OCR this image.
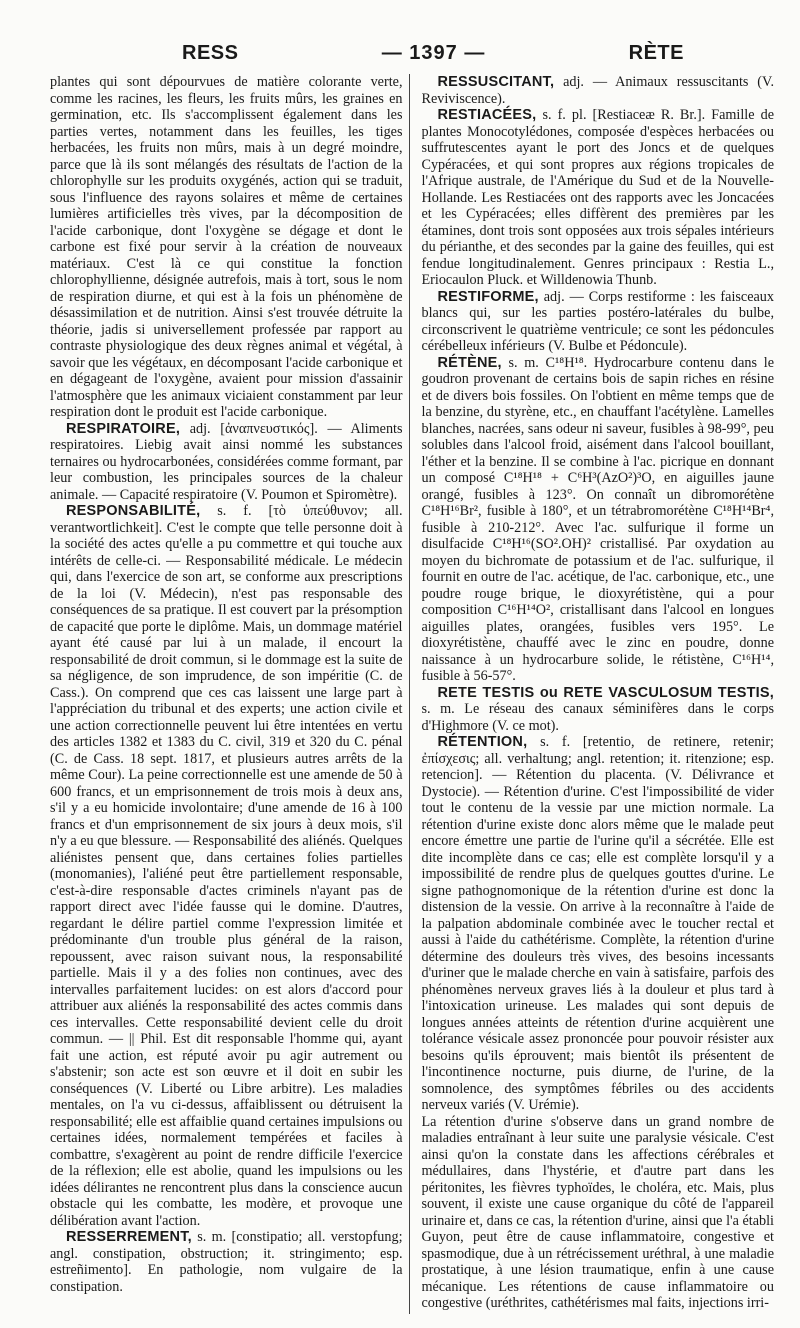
RESS	— 1397 —	RÈTE

plantes qui sont dépourvues de matière colorante verte, comme les racines, les fleurs, les fruits mûrs, les graines en germination, etc. Ils s'accomplissent également dans les parties vertes, notamment dans les feuilles, les tiges herbacées, les fruits non mûrs, mais à un degré moindre, parce que là ils sont mélangés des résultats de l'action de la chlorophylle sur les produits oxygénés, action qui se traduit, sous l'influence des rayons solaires et même de certaines lumières artificielles très vives, par la décomposition de l'acide carbonique, dont l'oxygène se dégage et dont le carbone est fixé pour servir à la création de nouveaux matériaux. C'est là ce qui constitue la fonction chlorophyllienne, désignée autrefois, mais à tort, sous le nom de respiration diurne, et qui est à la fois un phénomène de désassimilation et de nutrition. Ainsi s'est trouvée détruite la théorie, jadis si universellement professée par rapport au contraste physiologique des deux règnes animal et végétal, à savoir que les végétaux, en décomposant l'acide carbonique et en dégageant de l'oxygène, avaient pour mission d'assainir l'atmosphère que les animaux viciaient constamment par leur respiration dont le produit est l'acide carbonique.

RESPIRATOIRE, adj. [ἀναπνευστικός]. — Aliments respiratoires. Liebig avait ainsi nommé les substances ternaires ou hydrocarbonées, considérées comme formant, par leur combustion, les principales sources de la chaleur animale. — Capacité respiratoire (V. Poumon et Spiromètre).

RESPONSABILITÉ, s. f. [τὸ ὑπεύθυνον; all. verantwortlichkeit]. C'est le compte que telle personne doit à la société des actes qu'elle a pu commettre et qui touche aux intérêts de celle-ci. — Responsabilité médicale. Le médecin qui, dans l'exercice de son art, se conforme aux prescriptions de la loi (V. Médecin), n'est pas responsable des conséquences de sa pratique. Il est couvert par la présomption de capacité que porte le diplôme. Mais, un dommage matériel ayant été causé par lui à un malade, il encourt la responsabilité de droit commun, si le dommage est la suite de sa négligence, de son imprudence, de son impéritie (C. de Cass.). On comprend que ces cas laissent une large part à l'appréciation du tribunal et des experts; une action civile et une action correctionnelle peuvent lui être intentées en vertu des articles 1382 et 1383 du C. civil, 319 et 320 du C. pénal (C. de Cass. 18 sept. 1817, et plusieurs autres arrêts de la même Cour). La peine correctionnelle est une amende de 50 à 600 francs, et un emprisonnement de trois mois à deux ans, s'il y a eu homicide involontaire; d'une amende de 16 à 100 francs et d'un emprisonnement de six jours à deux mois, s'il n'y a eu que blessure. — Responsabilité des aliénés. Quelques aliénistes pensent que, dans certaines folies partielles (monomanies), l'aliéné peut être partiellement responsable, c'est-à-dire responsable d'actes criminels n'ayant pas de rapport direct avec l'idée fausse qui le domine. D'autres, regardant le délire partiel comme l'expression limitée et prédominante d'un trouble plus général de la raison, repoussent, avec raison suivant nous, la responsabilité partielle. Mais il y a des folies non continues, avec des intervalles parfaitement lucides: on est alors d'accord pour attribuer aux aliénés la responsabilité des actes commis dans ces intervalles. Cette responsabilité devient celle du droit commun. — || Phil. Est dit responsable l'homme qui, ayant fait une action, est réputé avoir pu agir autrement ou s'abstenir; son acte est son œuvre et il doit en subir les conséquences (V. Liberté ou Libre arbitre). Les maladies mentales, on l'a vu ci-dessus, affaiblissent ou détruisent la responsabilité; elle est affaiblie quand certaines impulsions ou certaines idées, normalement tempérées et faciles à combattre, s'exagèrent au point de rendre difficile l'exercice de la réflexion; elle est abolie, quand les impulsions ou les idées délirantes ne rencontrent plus dans la conscience aucun obstacle qui les combatte, les modère, et provoque une délibération avant l'action.

RESSERREMENT, s. m. [constipatio; all. verstopfung; angl. constipation, obstruction; it. stringimento; esp. estreñimento]. En pathologie, nom vulgaire de la constipation.

RESSUSCITANT, adj. — Animaux ressuscitants (V. Reviviscence).

RESTIACÉES, s. f. pl. [Restiaceæ R. Br.]. Famille de plantes Monocotylédones, composée d'espèces herbacées ou suffrutescentes ayant le port des Joncs et de quelques Cypéracées, et qui sont propres aux régions tropicales de l'Afrique australe, de l'Amérique du Sud et de la Nouvelle-Hollande. Les Restiacées ont des rapports avec les Joncacées et les Cypéracées; elles diffèrent des premières par les étamines, dont trois sont opposées aux trois sépales intérieurs du périanthe, et des secondes par la gaine des feuilles, qui est fendue longitudinalement. Genres principaux : Restia L., Eriocaulon Pluck. et Willdenowia Thunb.

RESTIFORME, adj. — Corps restiforme : les faisceaux blancs qui, sur les parties postéro-latérales du bulbe, circonscrivent le quatrième ventricule; ce sont les pédoncules cérébelleux inférieurs (V. Bulbe et Pédoncule).

RÉTÈNE, s. m. C¹⁸H¹⁸. Hydrocarbure contenu dans le goudron provenant de certains bois de sapin riches en résine et de divers bois fossiles. On l'obtient en même temps que de la benzine, du styrène, etc., en chauffant l'acétylène. Lamelles blanches, nacrées, sans odeur ni saveur, fusibles à 98-99°, peu solubles dans l'alcool froid, aisément dans l'alcool bouillant, l'éther et la benzine. Il se combine à l'ac. picrique en donnant un composé C¹⁸H¹⁸ + C⁶H³(AzO²)³O, en aiguilles jaune orangé, fusibles à 123°. On connaît un dibromorétène C¹⁸H¹⁶Br², fusible à 180°, et un tétrabromorétène C¹⁸H¹⁴Br⁴, fusible à 210-212°. Avec l'ac. sulfurique il forme un disulfacide C¹⁸H¹⁶(SO².OH)² cristallisé. Par oxydation au moyen du bichromate de potassium et de l'ac. sulfurique, il fournit en outre de l'ac. acétique, de l'ac. carbonique, etc., une poudre rouge brique, le dioxyrétistène, qui a pour composition C¹⁶H¹⁴O², cristallisant dans l'alcool en longues aiguilles plates, orangées, fusibles vers 195°. Le dioxyrétistène, chauffé avec le zinc en poudre, donne naissance à un hydrocarbure solide, le rétistène, C¹⁶H¹⁴, fusible à 56-57°.

RETE TESTIS ou RETE VASCULOSUM TESTIS, s. m. Le réseau des canaux séminifères dans le corps d'Highmore (V. ce mot).

RÉTENTION, s. f. [retentio, de retinere, retenir; ἐπίσχεσις; all. verhaltung; angl. retention; it. ritenzione; esp. retencion]. — Rétention du placenta. (V. Délivrance et Dystocie). — Rétention d'urine. C'est l'impossibilité de vider tout le contenu de la vessie par une miction normale. La rétention d'urine existe donc alors même que le malade peut encore émettre une partie de l'urine qu'il a sécrétée. Elle est dite incomplète dans ce cas; elle est complète lorsqu'il y a impossibilité de rendre plus de quelques gouttes d'urine. Le signe pathognomonique de la rétention d'urine est donc la distension de la vessie. On arrive à la reconnaître à l'aide de la palpation abdominale combinée avec le toucher rectal et aussi à l'aide du cathétérisme. Complète, la rétention d'urine détermine des douleurs très vives, des besoins incessants d'uriner que le malade cherche en vain à satisfaire, parfois des phénomènes nerveux graves liés à la douleur et plus tard à l'intoxication urineuse. Les malades qui sont depuis de longues années atteints de rétention d'urine acquièrent une tolérance vésicale assez prononcée pour pouvoir résister aux besoins qu'ils éprouvent; mais bientôt ils présentent de l'incontinence nocturne, puis diurne, de l'urine, de la somnolence, des symptômes fébriles ou des accidents nerveux variés (V. Urémie).

La rétention d'urine s'observe dans un grand nombre de maladies entraînant à leur suite une paralysie vésicale. C'est ainsi qu'on la constate dans les affections cérébrales et médullaires, dans l'hystérie, et d'autre part dans les péritonites, les fièvres typhoïdes, le choléra, etc. Mais, plus souvent, il existe une cause organique du côté de l'appareil urinaire et, dans ce cas, la rétention d'urine, ainsi que l'a établi Guyon, peut être de cause inflammatoire, congestive et spasmodique, due à un rétrécissement uréthral, à une maladie prostatique, à une lésion traumatique, enfin à une cause mécanique. Les rétentions de cause inflammatoire ou congestive (uréthrites, cathétérismes mal faits, injections irri-
